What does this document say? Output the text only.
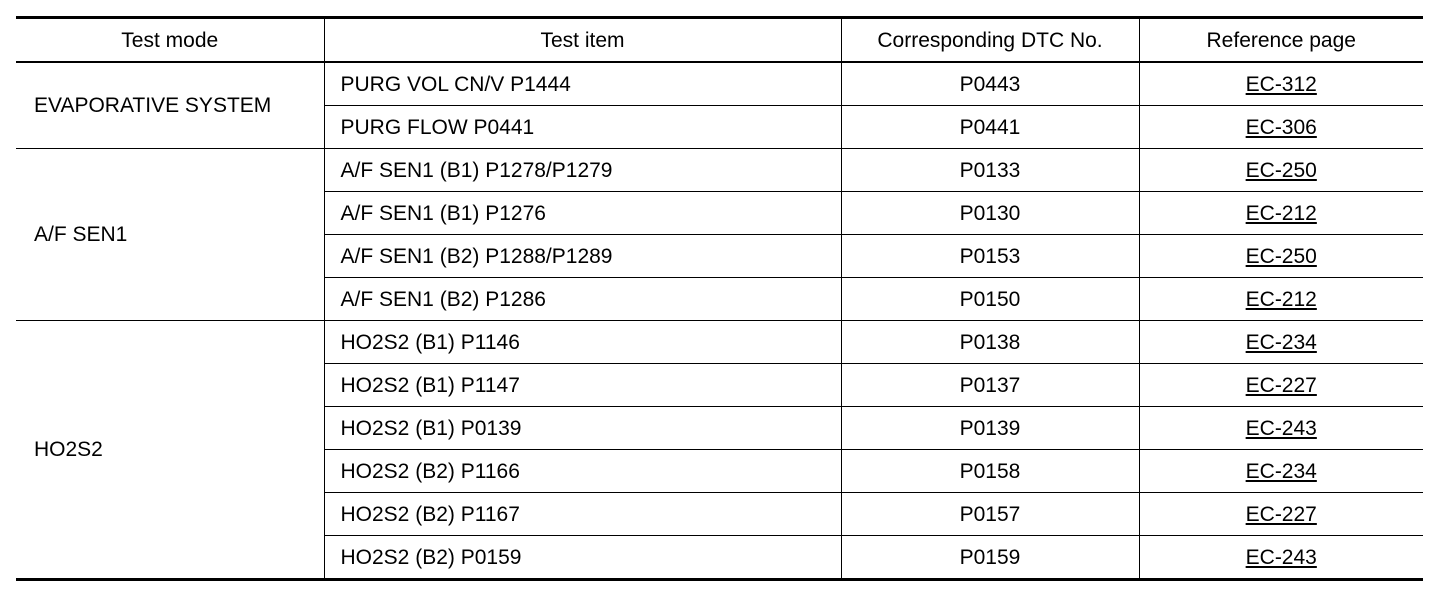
Test mode	Test item	Corresponding DTC No.	Reference page
EVAPORATIVE SYSTEM	PURG VOL CN/V P1444	P0443	EC-312
	PURG FLOW P0441	P0441	EC-306
A/F SEN1	A/F SEN1 (B1) P1278/P1279	P0133	EC-250
	A/F SEN1 (B1) P1276	P0130	EC-212
	A/F SEN1 (B2) P1288/P1289	P0153	EC-250
	A/F SEN1 (B2) P1286	P0150	EC-212
HO2S2	HO2S2 (B1) P1146	P0138	EC-234
	HO2S2 (B1) P1147	P0137	EC-227
	HO2S2 (B1) P0139	P0139	EC-243
	HO2S2 (B2) P1166	P0158	EC-234
	HO2S2 (B2) P1167	P0157	EC-227
	HO2S2 (B2) P0159	P0159	EC-243
